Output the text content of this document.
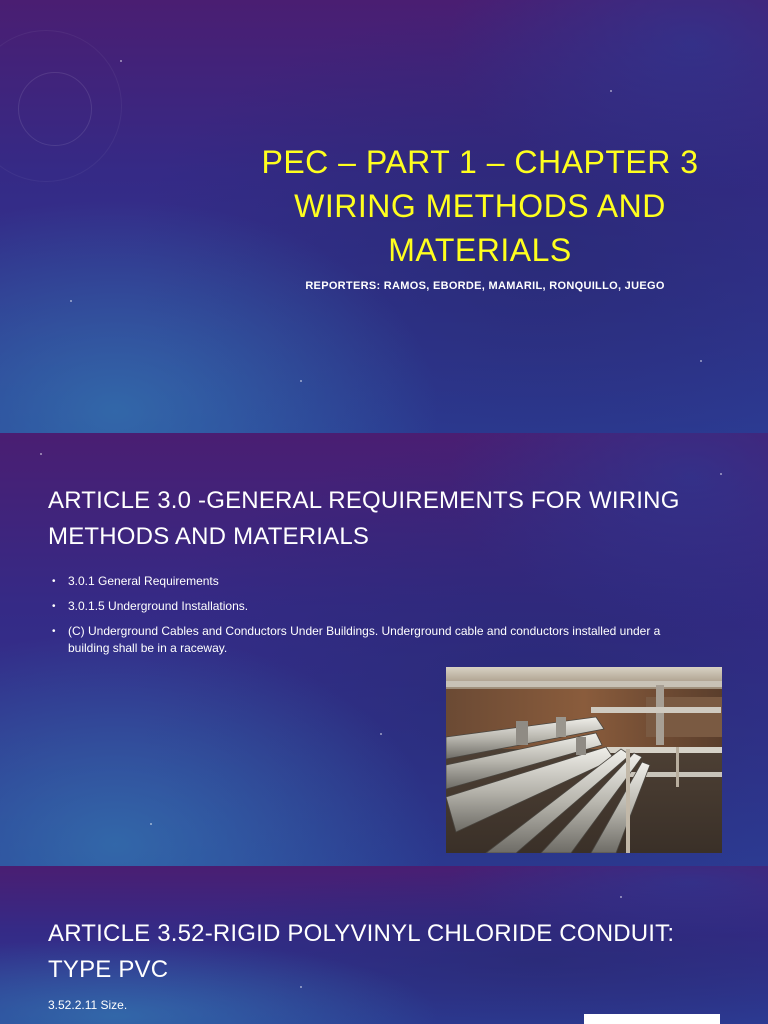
PEC – PART 1 – CHAPTER 3
WIRING METHODS AND
MATERIALS
REPORTERS: RAMOS, EBORDE, MAMARIL, RONQUILLO, JUEGO
ARTICLE 3.0 -GENERAL REQUIREMENTS FOR WIRING
METHODS AND MATERIALS
• 3.0.1 General Requirements
• 3.0.1.5 Underground Installations.
• (C) Underground Cables and Conductors Under Buildings. Underground cable and conductors installed under a building shall be in a raceway.
ARTICLE 3.52-RIGID POLYVINYL CHLORIDE CONDUIT:
TYPE PVC
3.52.2.11 Size.
